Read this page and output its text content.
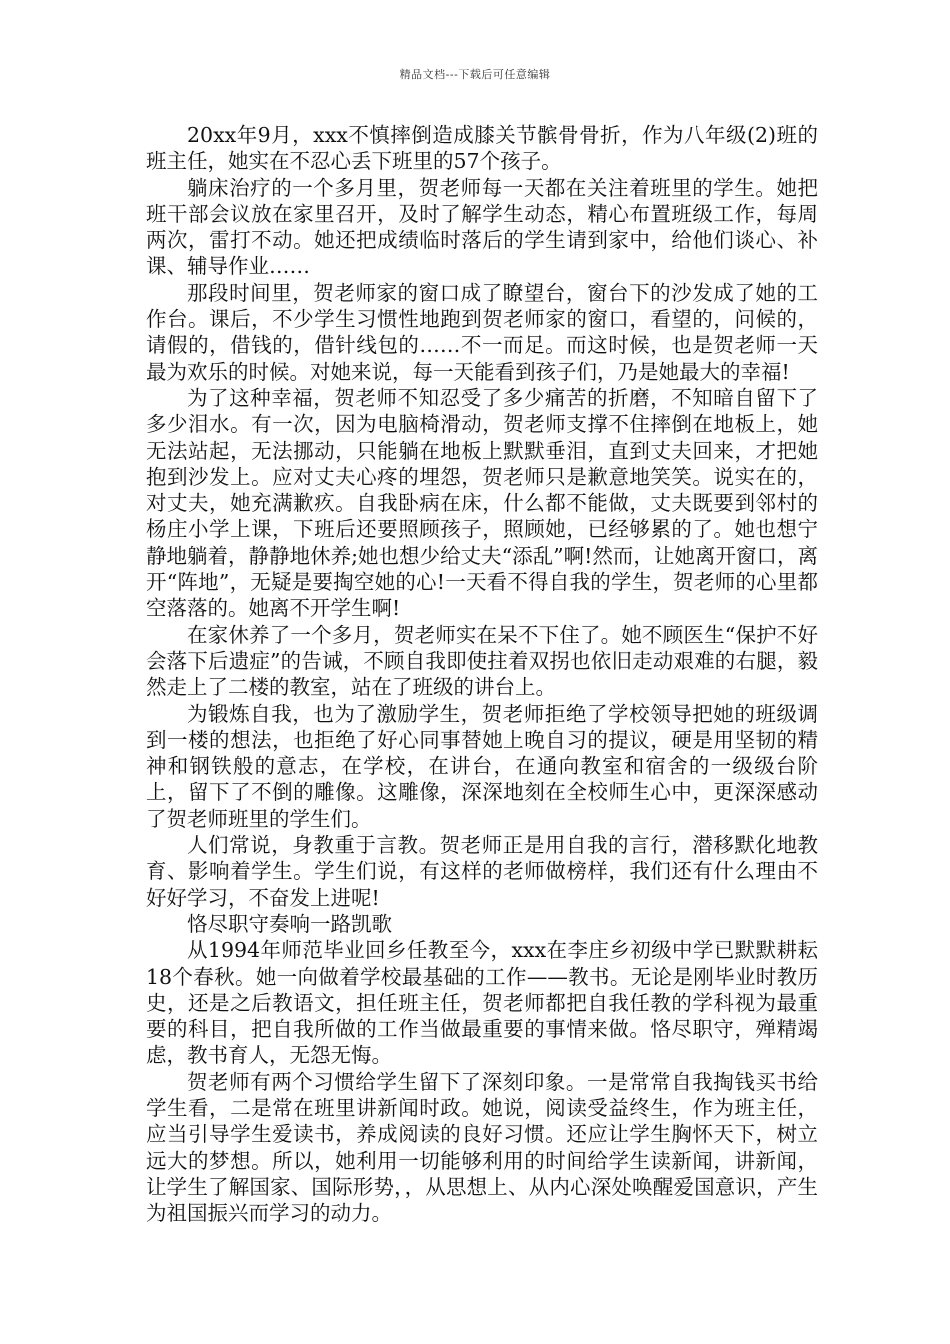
精品文档---下载后可任意编辑

20xx年9月，xxx不慎摔倒造成膝关节髌骨骨折，作为八年级(2)班的班主任，她实在不忍心丢下班里的57个孩子。

躺床治疗的一个多月里，贺老师每一天都在关注着班里的学生。她把班干部会议放在家里召开，及时了解学生动态，精心布置班级工作，每周两次，雷打不动。她还把成绩临时落后的学生请到家中，给他们谈心、补课、辅导作业……

那段时间里，贺老师家的窗口成了瞭望台，窗台下的沙发成了她的工作台。课后，不少学生习惯性地跑到贺老师家的窗口，看望的，问候的，请假的，借钱的，借针线包的……不一而足。而这时候，也是贺老师一天最为欢乐的时候。对她来说，每一天能看到孩子们，乃是她最大的幸福!

为了这种幸福，贺老师不知忍受了多少痛苦的折磨，不知暗自留下了多少泪水。有一次，因为电脑椅滑动，贺老师支撑不住摔倒在地板上，她无法站起，无法挪动，只能躺在地板上默默垂泪，直到丈夫回来，才把她抱到沙发上。应对丈夫心疼的埋怨，贺老师只是歉意地笑笑。说实在的，对丈夫，她充满歉疚。自我卧病在床，什么都不能做，丈夫既要到邻村的杨庄小学上课，下班后还要照顾孩子，照顾她，已经够累的了。她也想宁静地躺着，静静地休养;她也想少给丈夫“添乱”啊!然而，让她离开窗口，离开“阵地”，无疑是要掏空她的心!一天看不得自我的学生，贺老师的心里都空落落的。她离不开学生啊!

在家休养了一个多月，贺老师实在呆不下住了。她不顾医生“保护不好会落下后遗症”的告诫，不顾自我即使拄着双拐也依旧走动艰难的右腿，毅然走上了二楼的教室，站在了班级的讲台上。

为锻炼自我，也为了激励学生，贺老师拒绝了学校领导把她的班级调到一楼的想法，也拒绝了好心同事替她上晚自习的提议，硬是用坚韧的精神和钢铁般的意志，在学校，在讲台，在通向教室和宿舍的一级级台阶上，留下了不倒的雕像。这雕像，深深地刻在全校师生心中，更深深感动了贺老师班里的学生们。

人们常说，身教重于言教。贺老师正是用自我的言行，潜移默化地教育、影响着学生。学生们说，有这样的老师做榜样，我们还有什么理由不好好学习，不奋发上进呢!

恪尽职守奏响一路凯歌

从1994年师范毕业回乡任教至今，xxx在李庄乡初级中学已默默耕耘18个春秋。她一向做着学校最基础的工作——教书。无论是刚毕业时教历史，还是之后教语文，担任班主任，贺老师都把自我任教的学科视为最重要的科目，把自我所做的工作当做最重要的事情来做。恪尽职守，殚精竭虑，教书育人，无怨无悔。

贺老师有两个习惯给学生留下了深刻印象。一是常常自我掏钱买书给学生看，二是常在班里讲新闻时政。她说，阅读受益终生，作为班主任，应当引导学生爱读书，养成阅读的良好习惯。还应让学生胸怀天下，树立远大的梦想。所以，她利用一切能够利用的时间给学生读新闻，讲新闻，让学生了解国家、国际形势，，从思想上、从内心深处唤醒爱国意识，产生为祖国振兴而学习的动力。
